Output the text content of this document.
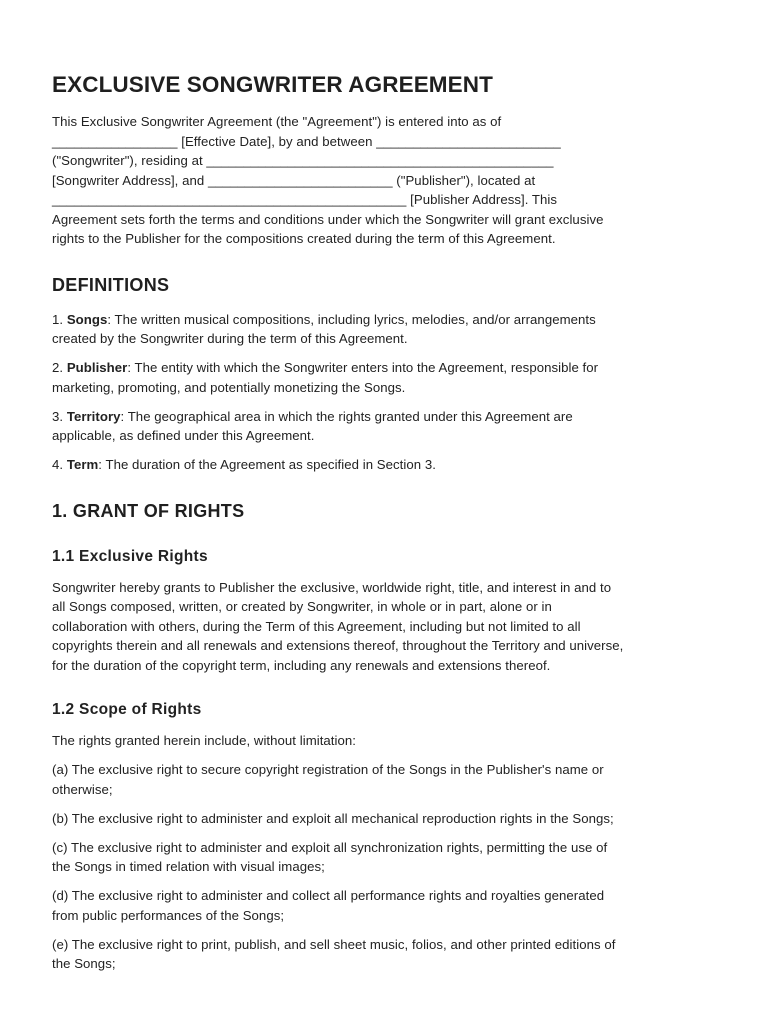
EXCLUSIVE SONGWRITER AGREEMENT

This Exclusive Songwriter Agreement (the "Agreement") is entered into as of
_________________ [Effective Date], by and between _________________________
("Songwriter"), residing at _______________________________________________
[Songwriter Address], and _________________________ ("Publisher"), located at
________________________________________________ [Publisher Address]. This
Agreement sets forth the terms and conditions under which the Songwriter will grant exclusive
rights to the Publisher for the compositions created during the term of this Agreement.

DEFINITIONS

1. Songs: The written musical compositions, including lyrics, melodies, and/or arrangements
created by the Songwriter during the term of this Agreement.

2. Publisher: The entity with which the Songwriter enters into the Agreement, responsible for
marketing, promoting, and potentially monetizing the Songs.

3. Territory: The geographical area in which the rights granted under this Agreement are
applicable, as defined under this Agreement.

4. Term: The duration of the Agreement as specified in Section 3.

1. GRANT OF RIGHTS
1.1 Exclusive Rights

Songwriter hereby grants to Publisher the exclusive, worldwide right, title, and interest in and to
all Songs composed, written, or created by Songwriter, in whole or in part, alone or in
collaboration with others, during the Term of this Agreement, including but not limited to all
copyrights therein and all renewals and extensions thereof, throughout the Territory and universe,
for the duration of the copyright term, including any renewals and extensions thereof.

1.2 Scope of Rights

The rights granted herein include, without limitation:

(a) The exclusive right to secure copyright registration of the Songs in the Publisher's name or
otherwise;

(b) The exclusive right to administer and exploit all mechanical reproduction rights in the Songs;

(c) The exclusive right to administer and exploit all synchronization rights, permitting the use of
the Songs in timed relation with visual images;

(d) The exclusive right to administer and collect all performance rights and royalties generated
from public performances of the Songs;

(e) The exclusive right to print, publish, and sell sheet music, folios, and other printed editions of
the Songs;
